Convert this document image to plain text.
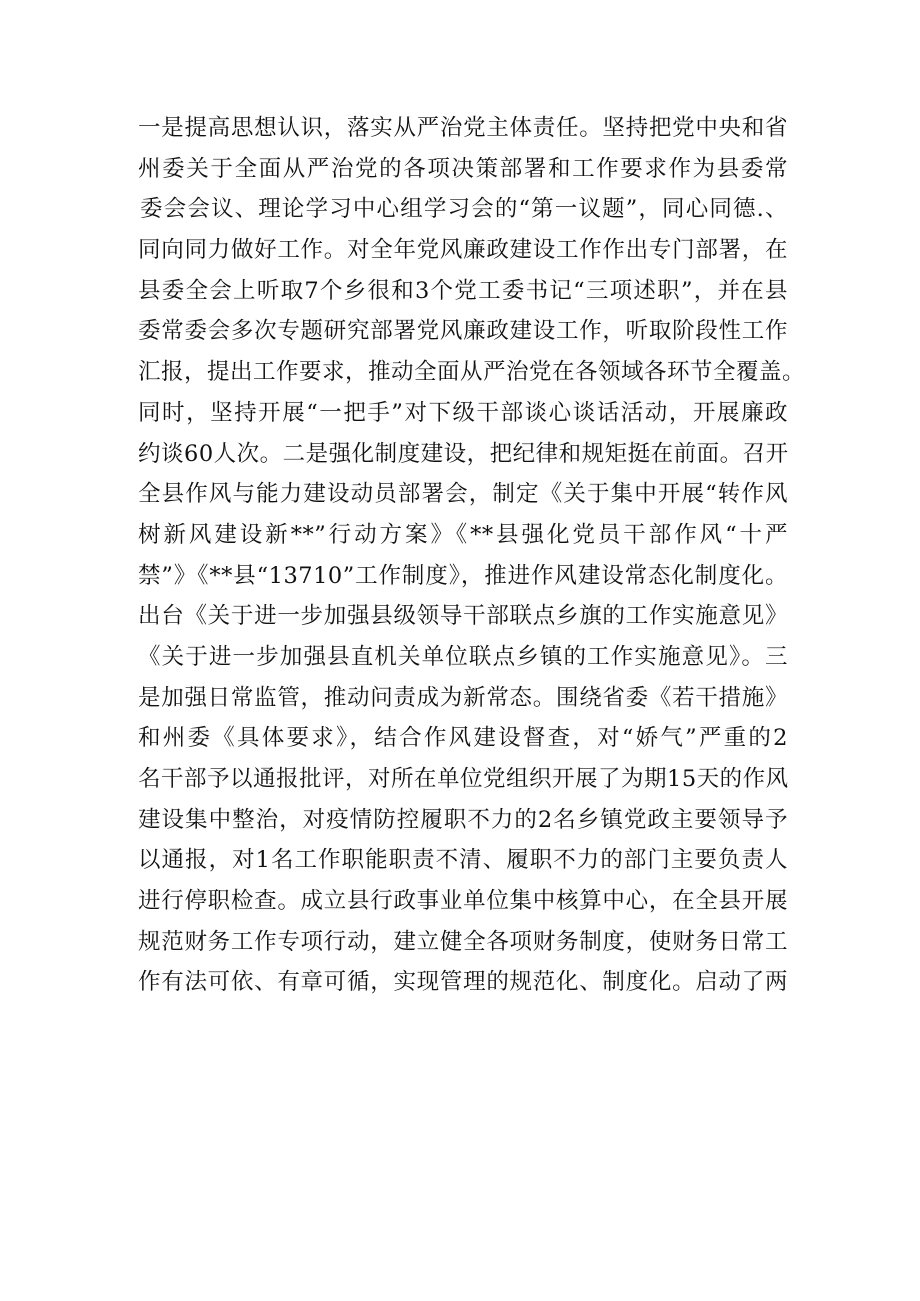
一是提高思想认识，落实从严治党主体责任。坚持把党中央和省
州委关于全面从严治党的各项决策部署和工作要求作为县委常
委会会议、理论学习中心组学习会的“第一议题”，同心同德.、
同向同力做好工作。对全年党风廉政建设工作作出专门部署，在
县委全会上听取7个乡很和3个党工委书记“三项述职”，并在县
委常委会多次专题研究部署党风廉政建设工作，听取阶段性工作
汇报，提出工作要求，推动全面从严治党在各领域各环节全覆盖。
同时，坚持开展“一把手”对下级干部谈心谈话活动，开展廉政
约谈60人次。二是强化制度建设，把纪律和规矩挺在前面。召开
全县作风与能力建设动员部署会，制定《关于集中开展“转作风
树新风建设新**”行动方案》《**县强化党员干部作风“十严
禁”》《**县“13710”工作制度》，推进作风建设常态化制度化。
出台《关于进一步加强县级领导干部联点乡旗的工作实施意见》
《关于进一步加强县直机关单位联点乡镇的工作实施意见》。三
是加强日常监管，推动问责成为新常态。围绕省委《若干措施》
和州委《具体要求》，结合作风建设督查，对“娇气”严重的2
名干部予以通报批评，对所在单位党组织开展了为期15天的作风
建设集中整治，对疫情防控履职不力的2名乡镇党政主要领导予
以通报，对1名工作职能职责不清、履职不力的部门主要负责人
进行停职检查。成立县行政事业单位集中核算中心，在全县开展
规范财务工作专项行动，建立健全各项财务制度，使财务日常工
作有法可依、有章可循，实现管理的规范化、制度化。启动了两
